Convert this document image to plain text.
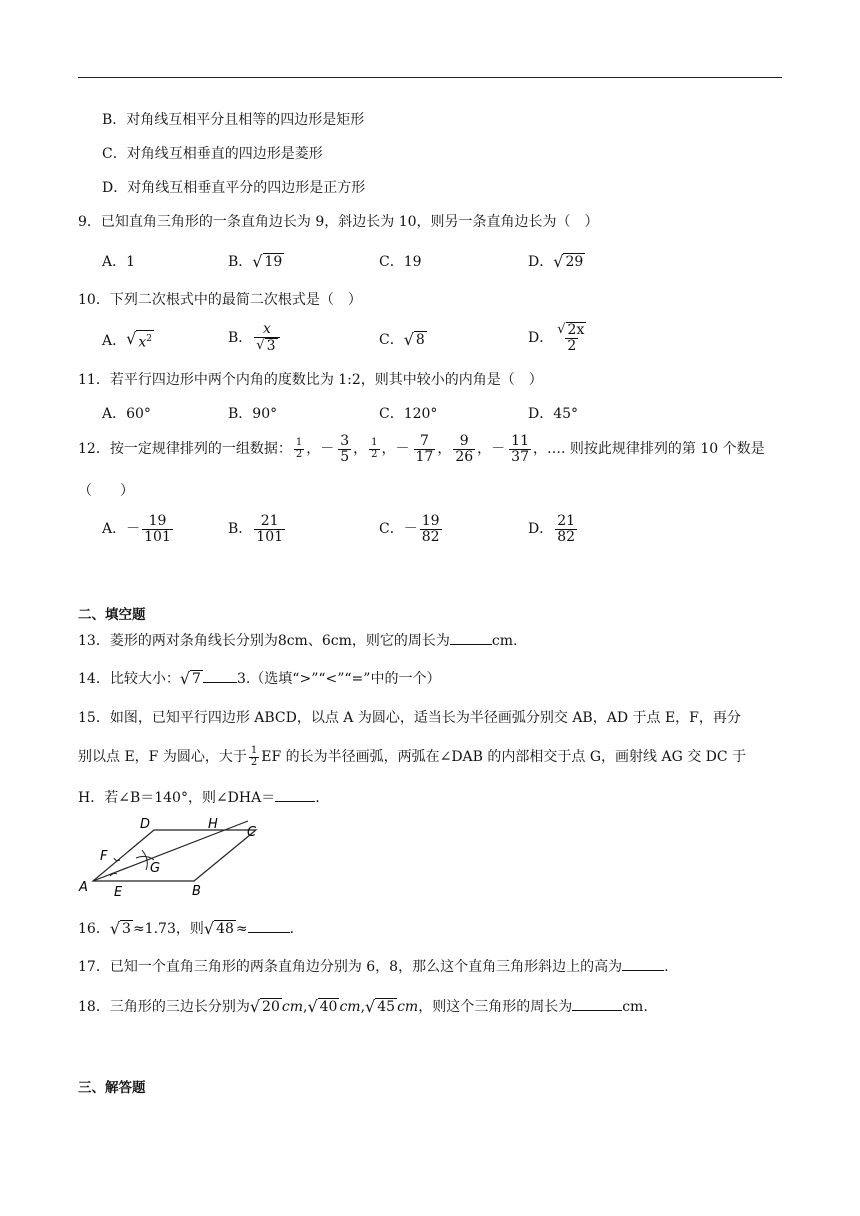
B．对角线互相平分且相等的四边形是矩形
C．对角线互相垂直的四边形是菱形
D．对角线互相垂直平分的四边形是正方形
9．已知直角三角形的一条直角边长为 9，斜边长为 10，则另一条直角边长为（　）
A．1	B． √ 19	C．19	D． √ 29
10．下列二次根式中的最简二次根式是（　）
A． √ $x^2$	B． $\frac{x}{√ 3}$	C． √ 8	D． $\frac{√ 2x}{2}$
11．若平行四边形中两个内角的度数比为 1:2，则其中较小的内角是（　）
A．60°	B．90°	C．120°	D．45°
12．按一定规律排列的一组数据： $\frac{1}{2}$ ， － $\frac{3}{5}$ ， $\frac{1}{2}$ ， － $\frac{7}{17}$ ， $\frac{9}{26}$ ， － $\frac{11}{37}$ ，…. 则按此规律排列的第 10 个数是
（　　）
A．－ $\frac{19}{101}$	B． $\frac{21}{101}$	C．－ $\frac{19}{82}$	D． $\frac{21}{82}$
二、填空题
13．菱形的两对条角线长分别为8cm、6cm，则它的周长为	cm.
14．比较大小： √ 7	3.（选填“>”“<”“=”中的一个）
15．如图，已知平行四边形 ABCD，以点 A 为圆心，适当长为半径画弧分别交 AB，AD 于点 E，F，再分
别以点 E，F 为圆心，大于 $\frac{1}{2}$ EF 的长为半径画弧，两弧在∠DAB 的内部相交于点 G，画射线 AG 交 DC 于
H．若∠B＝140°，则∠DHA＝	.
A	B
C
D
E
F
G
H
16． √ 3 ≈1.73，则 √ 48 ≈	.
17．已知一个直角三角形的两条直角边分别为 6，8，那么这个直角三角形斜边上的高为	.
18．三角形的三边长分别为 √ 20 cm, √ 40 cm, √ 45 cm，则这个三角形的周长为	cm.
三、解答题
